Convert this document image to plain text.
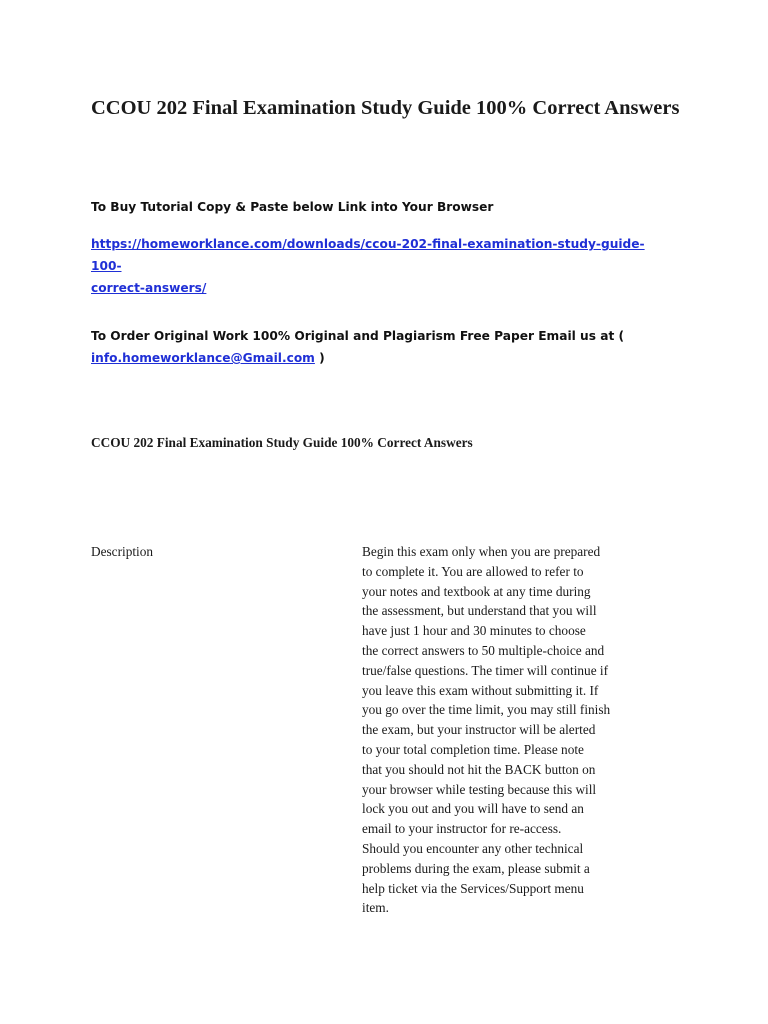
CCOU 202 Final Examination Study Guide 100% Correct Answers
To Buy Tutorial Copy & Paste below Link into Your Browser
https://homeworklance.com/downloads/ccou-202-final-examination-study-guide-100-
correct-answers/
To Order Original Work 100% Original and Plagiarism Free Paper Email us at (
info.homeworklance@Gmail.com )
CCOU 202 Final Examination Study Guide 100% Correct Answers
Description	Begin this exam only when you are prepared
to complete it. You are allowed to refer to
your notes and textbook at any time during
the assessment, but understand that you will
have just 1 hour and 30 minutes to choose
the correct answers to 50 multiple-choice and
true/false questions. The timer will continue if
you leave this exam without submitting it. If
you go over the time limit, you may still finish
the exam, but your instructor will be alerted
to your total completion time. Please note
that you should not hit the BACK button on
your browser while testing because this will
lock you out and you will have to send an
email to your instructor for re-access.
Should you encounter any other technical
problems during the exam, please submit a
help ticket via the Services/Support menu
item.
